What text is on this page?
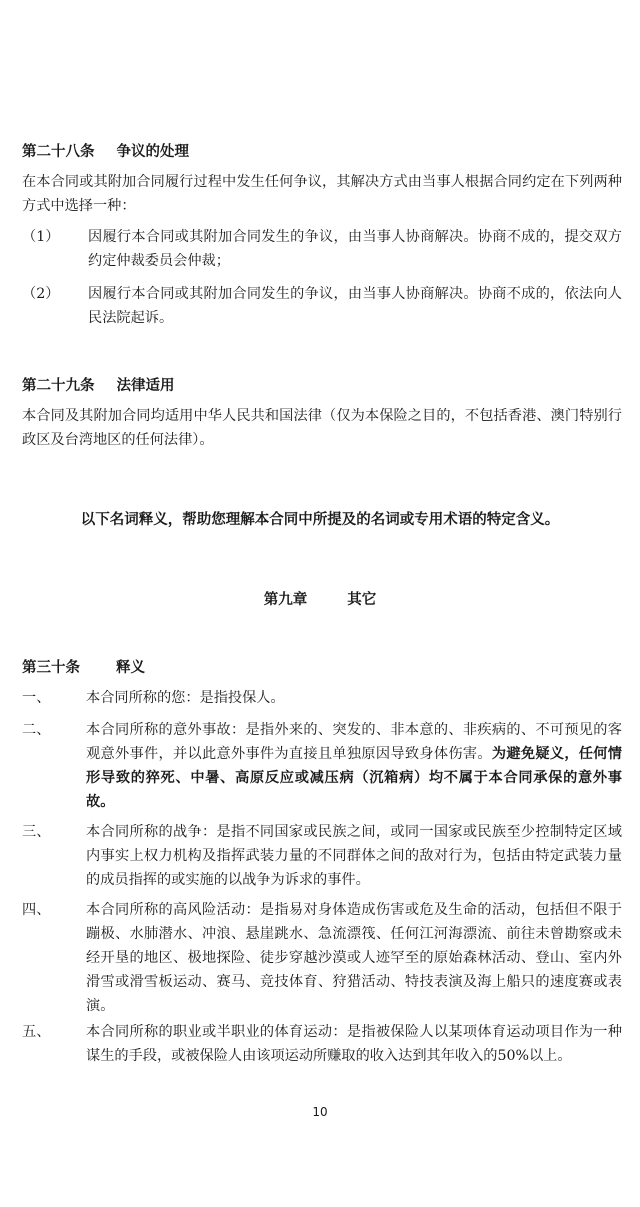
第二十八条 争议的处理
在本合同或其附加合同履行过程中发生任何争议，其解决方式由当事人根据合同约定在下列两种方式中选择一种：
（1） 因履行本合同或其附加合同发生的争议，由当事人协商解决。协商不成的，提交双方约定仲裁委员会仲裁；
（2） 因履行本合同或其附加合同发生的争议，由当事人协商解决。协商不成的，依法向人民法院起诉。
第二十九条 法律适用
本合同及其附加合同均适用中华人民共和国法律（仅为本保险之目的，不包括香港、澳门特别行政区及台湾地区的任何法律）。
以下名词释义，帮助您理解本合同中所提及的名词或专用术语的特定含义。
第九章	其它
第三十条 释义
一、	本合同所称的您：是指投保人。
二、	本合同所称的意外事故：是指外来的、突发的、非本意的、非疾病的、不可预见的客观意外事件，并以此意外事件为直接且单独原因导致身体伤害。为避免疑义，任何情形导致的猝死、中暑、高原反应或减压病（沉箱病）均不属于本合同承保的意外事故。
三、	本合同所称的战争：是指不同国家或民族之间，或同一国家或民族至少控制特定区域内事实上权力机构及指挥武装力量的不同群体之间的敌对行为，包括由特定武装力量的成员指挥的或实施的以战争为诉求的事件。
四、	本合同所称的高风险活动：是指易对身体造成伤害或危及生命的活动，包括但不限于蹦极、水肺潜水、冲浪、悬崖跳水、急流漂筏、任何江河海漂流、前往未曾勘察或未经开垦的地区、极地探险、徒步穿越沙漠或人迹罕至的原始森林活动、登山、室内外滑雪或滑雪板运动、赛马、竞技体育、狩猎活动、特技表演及海上船只的速度赛或表演。
五、	本合同所称的职业或半职业的体育运动：是指被保险人以某项体育运动项目作为一种谋生的手段，或被保险人由该项运动所赚取的收入达到其年收入的50%以上。
10
